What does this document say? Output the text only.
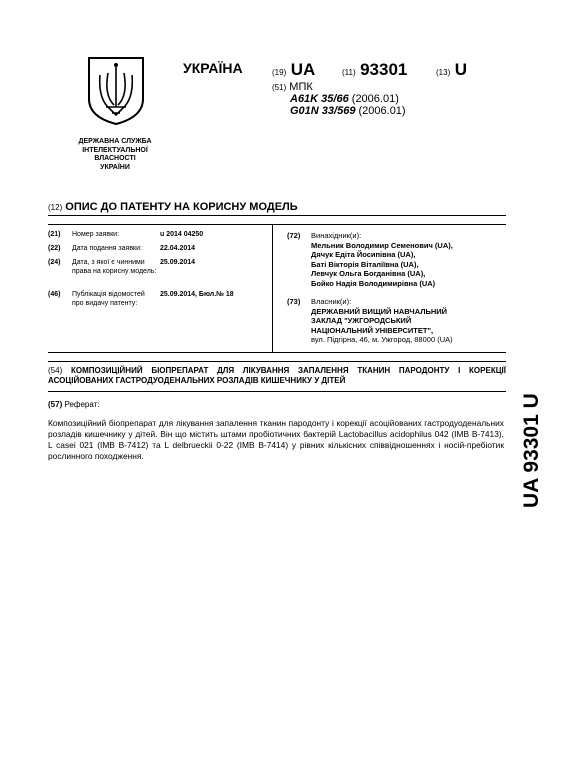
ДЕРЖАВНА СЛУЖБА
ІНТЕЛЕКТУАЛЬНОЇ
ВЛАСНОСТІ
УКРАЇНИ
УКРАЇНА	(19) UA	(11) 93301	(13) U
(51) МПК
A61K 35/66 (2006.01)
G01N 33/569 (2006.01)
(12) ОПИС ДО ПАТЕНТУ НА КОРИСНУ МОДЕЛЬ
(21) Номер заявки:	u 2014 04250
(22) Дата подання заявки:	22.04.2014
(24) Дата, з якої є чинними права на корисну модель:
25.09.2014
(46) Публікація відомостей про видачу патенту:
25.09.2014, Бюл.№ 18
(72) Винахідник(и):
Мельник Володимир Семенович (UA),
Дячук Едіта Йосипівна (UA),
Баті Вікторія Віталіївна (UA),
Левчук Ольга Богданівна (UA),
Бойко Надія Володимирівна (UA)
(73) Власник(и):
ДЕРЖАВНИЙ ВИЩИЙ НАВЧАЛЬНИЙ
ЗАКЛАД "УЖГОРОДСЬКИЙ
НАЦІОНАЛЬНИЙ УНІВЕРСИТЕТ",
вул. Підгірна, 46, м. Ужгород, 88000 (UA)
(54) КОМПОЗИЦІЙНИЙ БІОПРЕПАРАТ ДЛЯ ЛІКУВАННЯ ЗАПАЛЕННЯ ТКАНИН ПАРОДОНТУ І КОРЕКЦІЇ АСОЦІЙОВАНИХ ГАСТРОДУОДЕНАЛЬНИХ РОЗЛАДІВ КИШЕЧНИКУ У ДІТЕЙ
(57) Реферат:
Композиційний біопрепарат для лікування запалення тканин пародонту і корекції асоційованих гастродуоденальних розладів кишечнику у дітей. Він що містить штами пробіотичних бактерій Lactobacillus acidophilus 042 (IMB B-7413), L casei 021 (IMB B-7412) та L delbrueckii 0-22 (IMB B-7414) у рівних кількісних співвідношеннях і носій-пребіотик рослинного походження.	UA 93301 U
